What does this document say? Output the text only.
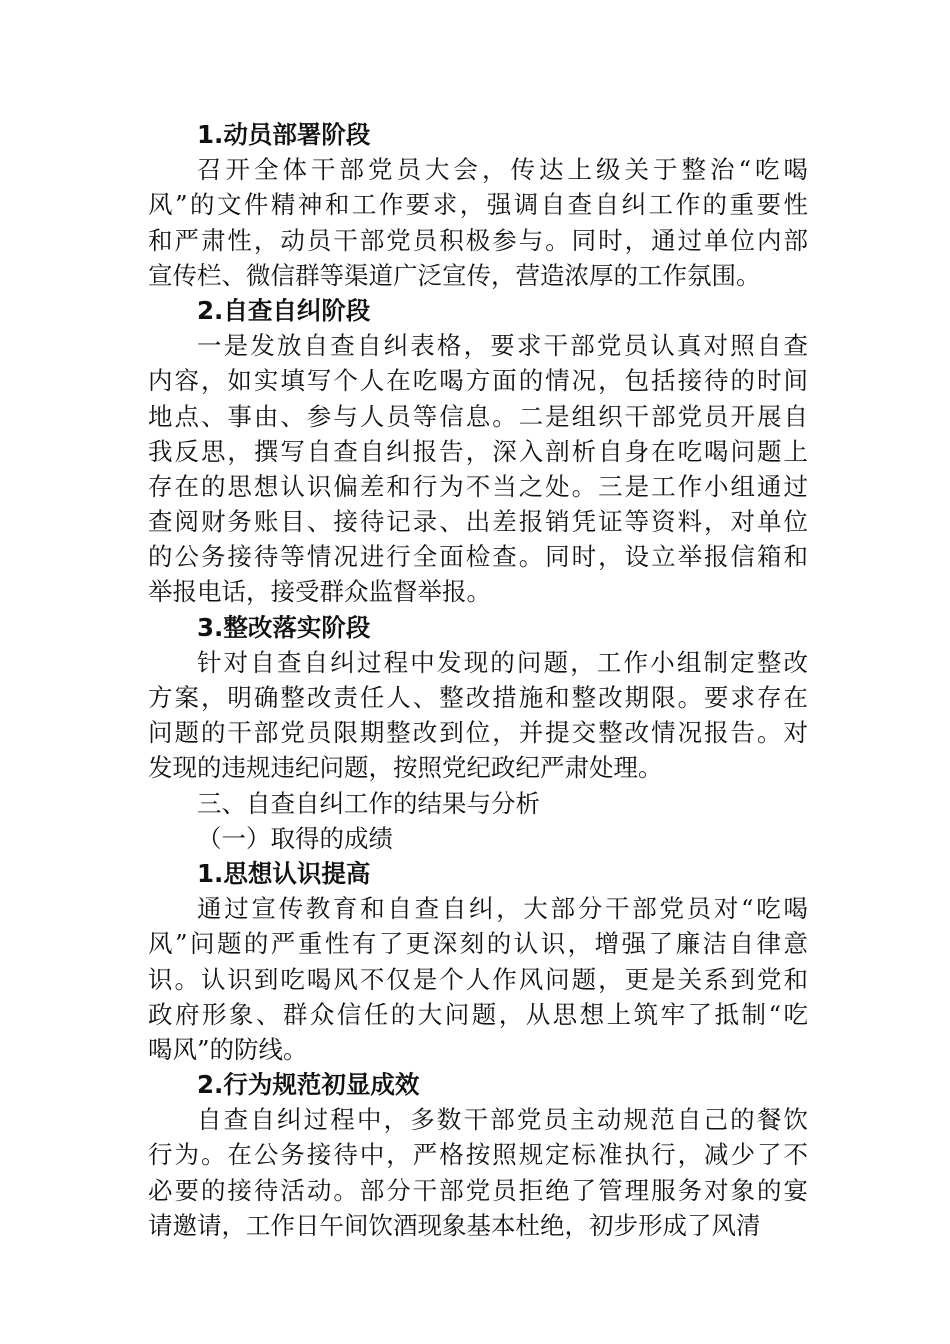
1.动员部署阶段
召开全体干部党员大会，传达上级关于整治“吃喝
风”的文件精神和工作要求，强调自查自纠工作的重要性
和严肃性，动员干部党员积极参与。同时，通过单位内部
宣传栏、微信群等渠道广泛宣传，营造浓厚的工作氛围。
2.自查自纠阶段
一是发放自查自纠表格，要求干部党员认真对照自查
内容，如实填写个人在吃喝方面的情况，包括接待的时间
地点、事由、参与人员等信息。二是组织干部党员开展自
我反思，撰写自查自纠报告，深入剖析自身在吃喝问题上
存在的思想认识偏差和行为不当之处。三是工作小组通过
查阅财务账目、接待记录、出差报销凭证等资料，对单位
的公务接待等情况进行全面检查。同时，设立举报信箱和
举报电话，接受群众监督举报。
3.整改落实阶段
针对自查自纠过程中发现的问题，工作小组制定整改
方案，明确整改责任人、整改措施和整改期限。要求存在
问题的干部党员限期整改到位，并提交整改情况报告。对
发现的违规违纪问题，按照党纪政纪严肃处理。
三、自查自纠工作的结果与分析
（一）取得的成绩
1.思想认识提高
通过宣传教育和自查自纠，大部分干部党员对“吃喝
风”问题的严重性有了更深刻的认识，增强了廉洁自律意
识。认识到吃喝风不仅是个人作风问题，更是关系到党和
政府形象、群众信任的大问题，从思想上筑牢了抵制“吃
喝风”的防线。
2.行为规范初显成效
自查自纠过程中，多数干部党员主动规范自己的餐饮
行为。在公务接待中，严格按照规定标准执行，减少了不
必要的接待活动。部分干部党员拒绝了管理服务对象的宴
请邀请，工作日午间饮酒现象基本杜绝，初步形成了风清
